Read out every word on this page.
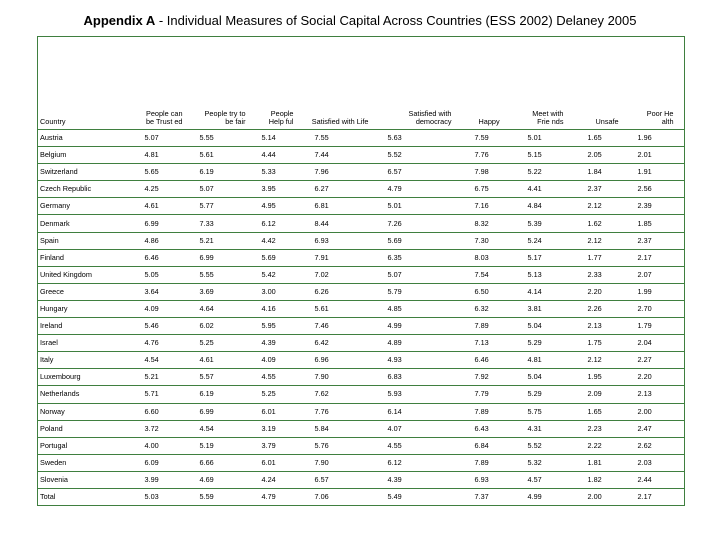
Appendix A - Individual Measures of Social Capital Across Countries (ESS 2002) Delaney 2005
Country	People can be Trust ed	People try to be fair	People Help ful	Satisfied with Life	Satisfied with democracy	Happy	Meet with Frie nds	Unsafe	Poor He alth

Austria	5.07	5.55	5.14	7.55	5.63	7.59	5.01	1.65	1.96
Belgium	4.81	5.61	4.44	7.44	5.52	7.76	5.15	2.05	2.01
Switzerland	5.65	6.19	5.33	7.96	6.57	7.98	5.22	1.84	1.91
Czech Republic	4.25	5.07	3.95	6.27	4.79	6.75	4.41	2.37	2.56
Germany	4.61	5.77	4.95	6.81	5.01	7.16	4.84	2.12	2.39
Denmark	6.99	7.33	6.12	8.44	7.26	8.32	5.39	1.62	1.85
Spain	4.86	5.21	4.42	6.93	5.69	7.30	5.24	2.12	2.37
Finland	6.46	6.99	5.69	7.91	6.35	8.03	5.17	1.77	2.17
United Kingdom	5.05	5.55	5.42	7.02	5.07	7.54	5.13	2.33	2.07
Greece	3.64	3.69	3.00	6.26	5.79	6.50	4.14	2.20	1.99
Hungary	4.09	4.64	4.16	5.61	4.85	6.32	3.81	2.26	2.70
Ireland	5.46	6.02	5.95	7.46	4.99	7.89	5.04	2.13	1.79
Israel	4.76	5.25	4.39	6.42	4.89	7.13	5.29	1.75	2.04
Italy	4.54	4.61	4.09	6.96	4.93	6.46	4.81	2.12	2.27
Luxembourg	5.21	5.57	4.55	7.90	6.83	7.92	5.04	1.95	2.20
Netherlands	5.71	6.19	5.25	7.62	5.93	7.79	5.29	2.09	2.13
Norway	6.60	6.99	6.01	7.76	6.14	7.89	5.75	1.65	2.00
Poland	3.72	4.54	3.19	5.84	4.07	6.43	4.31	2.23	2.47
Portugal	4.00	5.19	3.79	5.76	4.55	6.84	5.52	2.22	2.62
Sweden	6.09	6.66	6.01	7.90	6.12	7.89	5.32	1.81	2.03
Slovenia	3.99	4.69	4.24	6.57	4.39	6.93	4.57	1.82	2.44
Total	5.03	5.59	4.79	7.06	5.49	7.37	4.99	2.00	2.17
